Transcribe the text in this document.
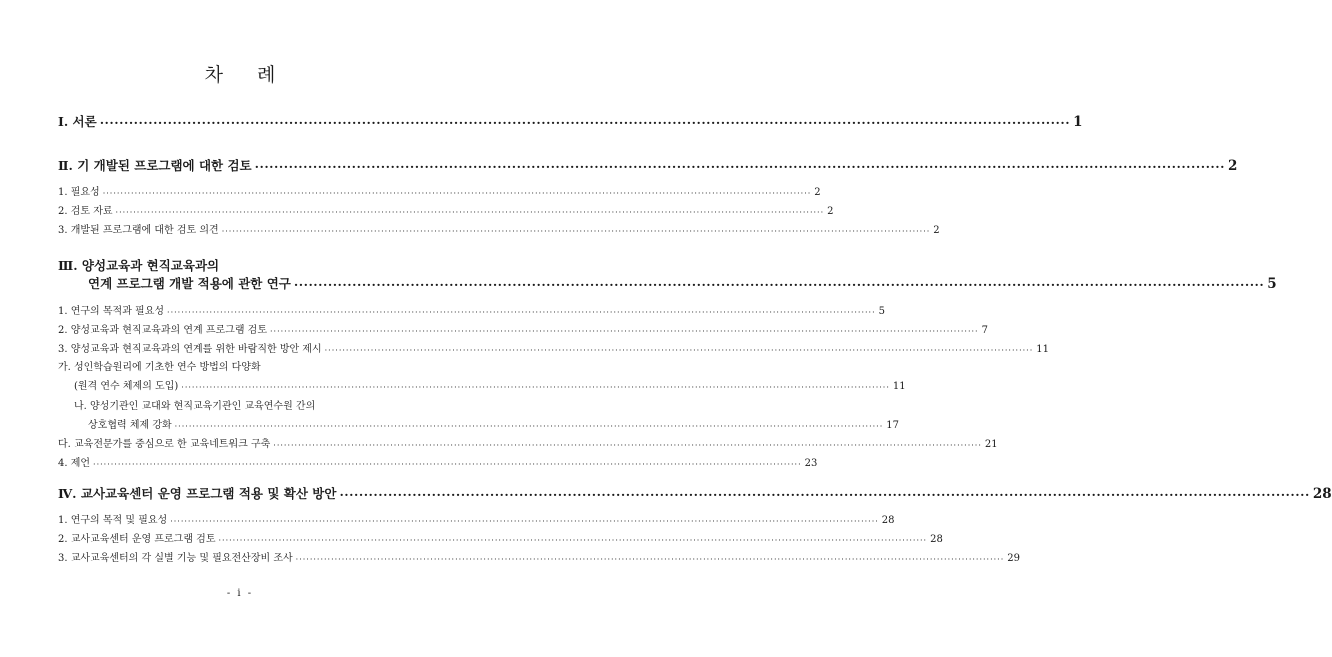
차 례
Ⅰ. 서론 ········································································································································································································ 1
Ⅱ. 기 개발된 프로그램에 대한 검토 ········································································································································································································ 2
1. 필요성 ········································································································································································································ 2
2. 검토 자료 ········································································································································································································ 2
3. 개발된 프로그램에 대한 검토 의견 ········································································································································································································ 2
Ⅲ. 양성교육과 현직교육과의
연계 프로그램 개발 적용에 관한 연구 ········································································································································································································ 5
1. 연구의 목적과 필요성 ········································································································································································································ 5
2. 양성교육과 현직교육과의 연계 프로그램 검토 ········································································································································································································ 7
3. 양성교육과 현직교육과의 연계를 위한 바람직한 방안 제시 ········································································································································································································ 11
가. 성인학습원리에 기초한 연수 방법의 다양화
(원격 연수 체제의 도입) ········································································································································································································ 11
나. 양성기관인 교대와 현직교육기관인 교육연수원 간의
상호협력 체제 강화 ········································································································································································································ 17
다. 교육전문가를 중심으로 한 교육네트워크 구축 ········································································································································································································ 21
4. 제언 ········································································································································································································ 23
Ⅳ. 교사교육센터 운영 프로그램 적용 및 확산 방안 ········································································································································································································ 28
1. 연구의 목적 및 필요성 ········································································································································································································ 28
2. 교사교육센터 운영 프로그램 검토 ········································································································································································································ 28
3. 교사교육센터의 각 실별 기능 및 필요전산장비 조사 ········································································································································································································ 29
- i -
